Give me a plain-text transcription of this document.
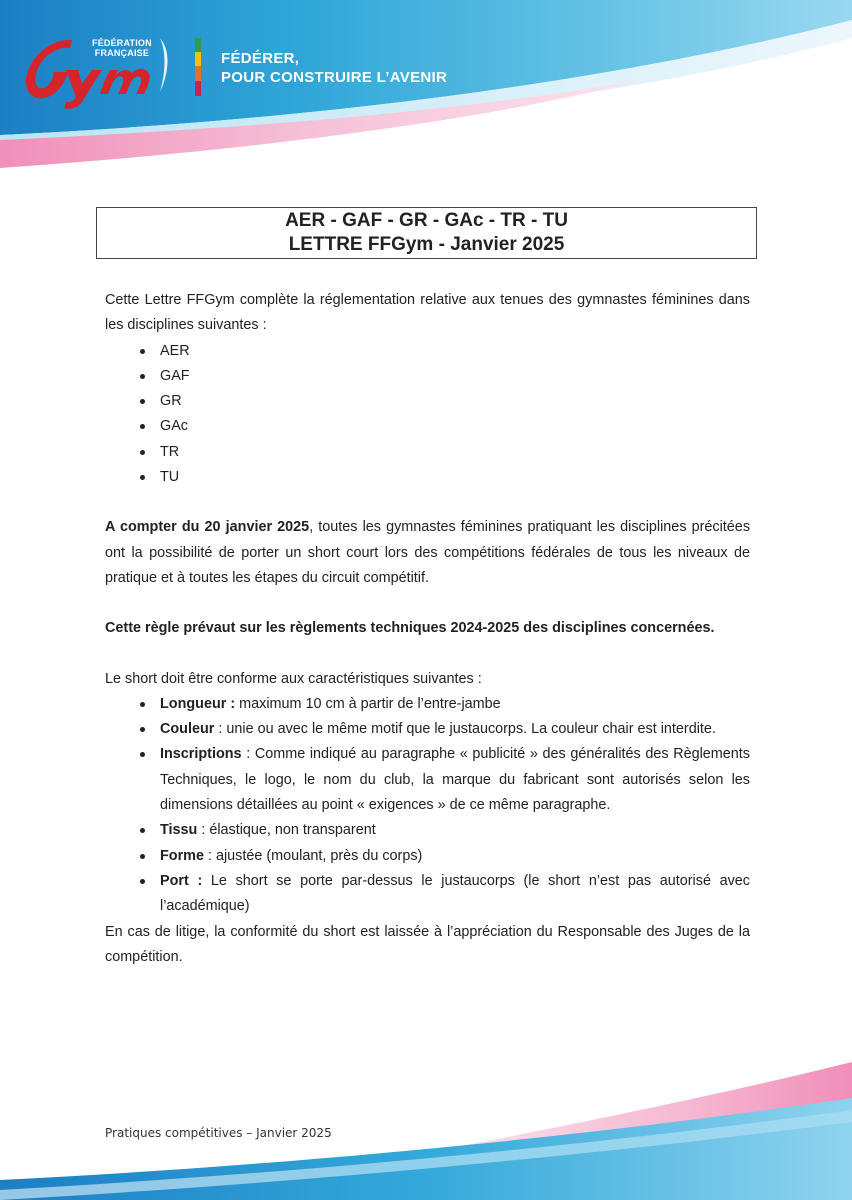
FÉDÉRATION
FRANÇAISE	FÉDÉRER,
POUR CONSTRUIRE L’AVENIR

AER - GAF - GR - GAc - TR - TU

LETTRE FFGym - Janvier 2025

Cette Lettre FFGym complète la réglementation relative aux tenues des gymnastes féminines dans les disciplines suivantes :

AER
GAF
GR
GAc
TR
TU

A compter du 20 janvier 2025, toutes les gymnastes féminines pratiquant les disciplines précitées ont la possibilité de porter un short court lors des compétitions fédérales de tous les niveaux de pratique et à toutes les étapes du circuit compétitif.

Cette règle prévaut sur les règlements techniques 2024-2025 des disciplines concernées.

Le short doit être conforme aux caractéristiques suivantes :

Longueur : maximum 10 cm à partir de l’entre-jambe
Couleur : unie ou avec le même motif que le justaucorps. La couleur chair est interdite.
Inscriptions : Comme indiqué au paragraphe « publicité » des généralités des Règlements Techniques, le logo, le nom du club, la marque du fabricant sont autorisés selon les dimensions détaillées au point « exigences » de ce même paragraphe.
Tissu : élastique, non transparent
Forme : ajustée (moulant, près du corps)
Port : Le short se porte par-dessus le justaucorps (le short n’est pas autorisé avec l’académique)

En cas de litige, la conformité du short est laissée à l’appréciation du Responsable des Juges de la compétition.

Pratiques compétitives – Janvier 2025
